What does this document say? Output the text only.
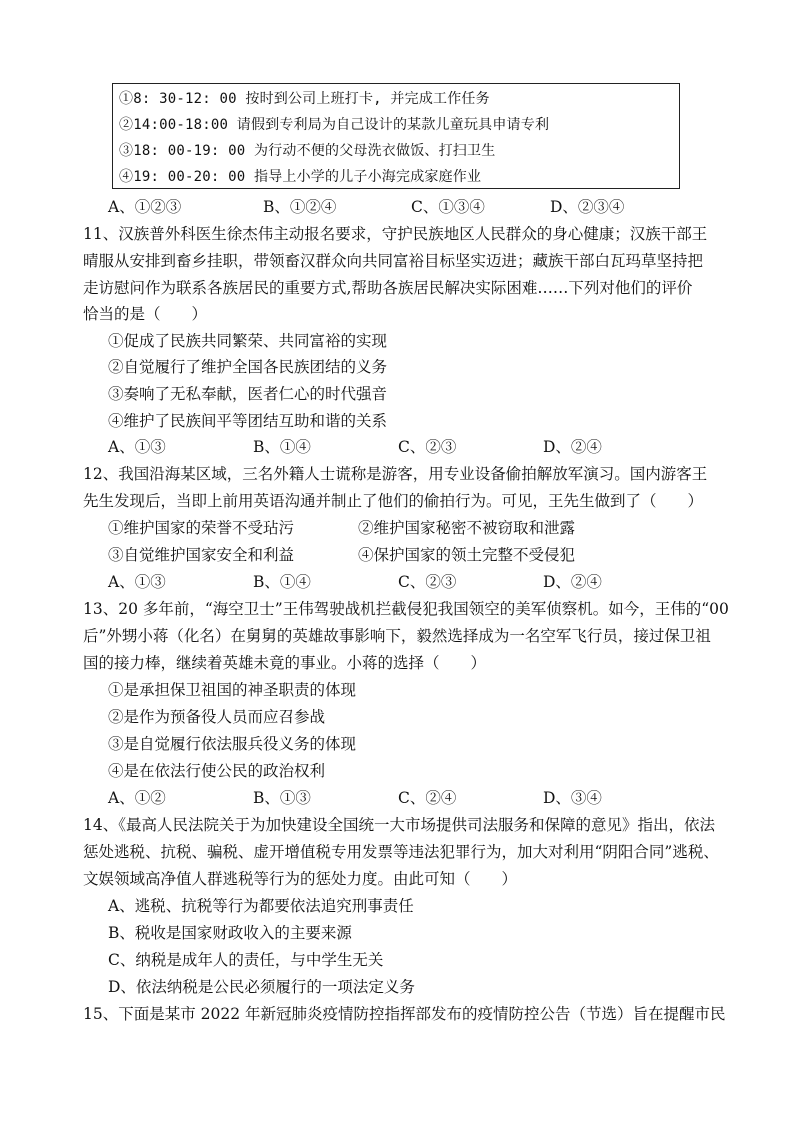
①8: 30-12: 00 按时到公司上班打卡, 并完成工作任务
②14:00-18:00 请假到专利局为自己设计的某款儿童玩具申请专利
③18: 00-19: 00 为行动不便的父母洗衣做饭、打扫卫生
④19: 00-20: 00 指导上小学的儿子小海完成家庭作业
A、①②③	B、①②④	C、①③④	D、②③④
11、汉族普外科医生徐杰伟主动报名要求，守护民族地区人民群众的身心健康；汉族干部王
晴服从安排到畜乡挂职，带领畜汉群众向共同富裕目标坚实迈进；藏族干部白瓦玛草坚持把
走访慰问作为联系各族居民的重要方式,帮助各族居民解决实际困难……下列对他们的评价
恰当的是（　　）
①促成了民族共同繁荣、共同富裕的实现
②自觉履行了维护全国各民族团结的义务
③奏响了无私奉献，医者仁心的时代强音
④维护了民族间平等团结互助和谐的关系
A、①③	B、①④	C、②③	D、②④
12、我国沿海某区域，三名外籍人士谎称是游客，用专业设备偷拍解放军演习。国内游客王
先生发现后，当即上前用英语沟通并制止了他们的偷拍行为。可见，王先生做到了（　　）
①维护国家的荣誉不受玷污	②维护国家秘密不被窃取和泄露
③自觉维护国家安全和利益	④保护国家的领土完整不受侵犯
A、①③	B、①④	C、②③	D、②④
13、20 多年前，“海空卫士”王伟驾驶战机拦截侵犯我国领空的美军侦察机。如今，王伟的“00
后”外甥小蒋（化名）在舅舅的英雄故事影响下，毅然选择成为一名空军飞行员，接过保卫祖
国的接力棒，继续着英雄未竟的事业。小蒋的选择（　　）
①是承担保卫祖国的神圣职责的体现
②是作为预备役人员而应召参战
③是自觉履行依法服兵役义务的体现
④是在依法行使公民的政治权利
A、①②	B、①③	C、②④	D、③④
14、《最高人民法院关于为加快建设全国统一大市场提供司法服务和保障的意见》指出，依法
惩处逃税、抗税、骗税、虚开增值税专用发票等违法犯罪行为，加大对利用“阴阳合同”逃税、
文娱领域高净值人群逃税等行为的惩处力度。由此可知（　　）
A、逃税、抗税等行为都要依法追究刑事责任
B、税收是国家财政收入的主要来源
C、纳税是成年人的责任，与中学生无关
D、依法纳税是公民必须履行的一项法定义务
15、下面是某市 2022 年新冠肺炎疫情防控指挥部发布的疫情防控公告（节选）旨在提醒市民
